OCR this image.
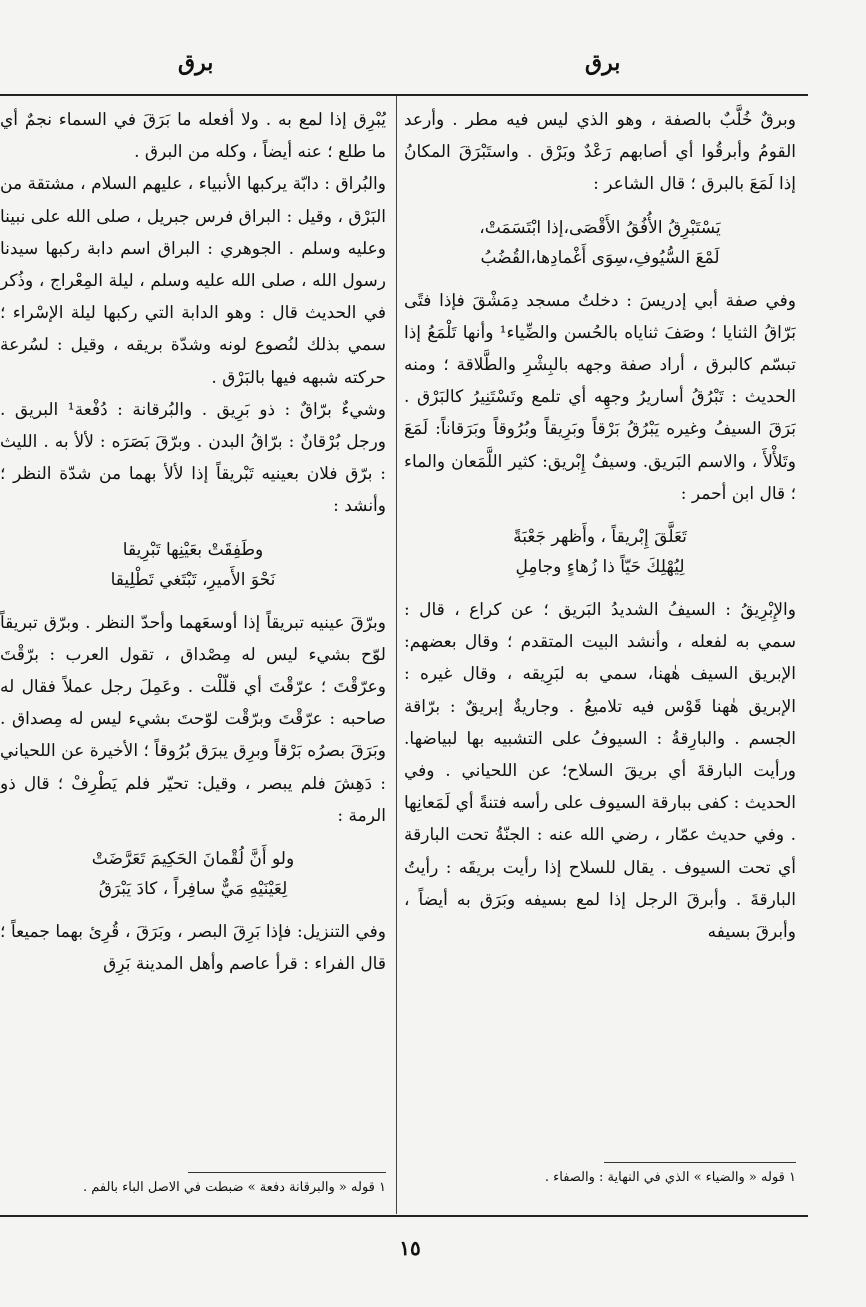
برق
برق

وبرقٌ خُلَّبٌ بالصفة ، وهو الذي ليس فيه مطر . وأرعد القومُ وأبرقُوا أي أصابهم رَعْدٌ وبَرْق . واستَبْرَقَ المكانُ إذا لَمَعَ بالبرق ؛ قال الشاعر :

يَسْتَبْرِقُ الأُفُقُ الأَقْصَى،إذا ابْتَسَمَتْ،
لَمْعَ السُّيُوفِ،سِوَى أَغْمادِها،القُضُبُ

وفي صفة أبي إدريسَ : دخلتُ مسجد دِمَشْقَ فإذا فتًى بَرّاقُ الثنايا ؛ وصَفَ ثناياه بالحُسن والضِّياء¹ وأنها تَلْمَعُ إذا تبسّم كالبرق ، أراد صفة وجهه بالبِشْرِ والطَّلاقة ؛ ومنه الحديث : تَبْرُقُ أساريرُ وجهِه أي تلمع وتَسْتَنِيرُ كالبَرْق . بَرَقَ السيفُ وغيره يَبْرُقُ بَرْقاً وبَرِيقاً وبُرُوقاً وبَرَقاناً: لَمَعَ وتَلأْلأَ ، والاسم البَريق. وسيفٌ إِبْريق: كثير اللَّمَعان والماء ؛ قال ابن أحمر :

تَعَلَّقَ إِبْريقاً ، وأَظهر جَعْبَةً
لِيُهْلِكَ حَيّاً ذا زُهاءٍ وجامِلِ

والإِبْرِيقُ : السيفُ الشديدُ البَريق ؛ عن كراع ، قال : سمي به لفعله ، وأنشد البيت المتقدم ؛ وقال بعضهم: الإبريق السيف هٰهنا، سمي به لبَرِيقه ، وقال غيره : الإبريق هٰهنا قَوْس فيه تلاميعُ . وجاريةٌ إبريقٌ : برّاقة الجسم . والبارِقةُ : السيوفُ على التشبيه بها لبياضها. ورأيت البارقةَ أي بريقَ السلاح؛ عن اللحياني . وفي الحديث : كفى ببارقة السيوف على رأسه فتنةً أي لَمَعانِها . وفي حديث عمّار ، رضي الله عنه : الجنّةُ تحت البارقة أي تحت السيوف . يقال للسلاح إذا رأيت بريقَه : رأيتُ البارقةَ . وأبرقَ الرجل إذا لمع بسيفه وبَرَق به أيضاً ، وأبرقَ بسيفه

يُبْرِق إذا لمع به . ولا أفعله ما بَرَقَ في السماء نجمٌ أي ما طلع ؛ عنه أيضاً ، وكله من البرق .

والبُراق : دابّة يركبها الأنبياء ، عليهم السلام ، مشتقة من البَرْق ، وقيل : البراق فرس جبريل ، صلى الله على نبينا وعليه وسلم . الجوهري : البراق اسم دابة ركبها سيدنا رسول الله ، صلى الله عليه وسلم ، ليلة المِعْراج ، وذُكر في الحديث قال : وهو الدابة التي ركبها ليلة الإسْراء ؛ سمي بذلك لنُصوع لونه وشدّة بريقه ، وقيل : لسُرعة حركته شبهه فيها بالبَرْق .

وشيءٌ برّاقٌ : ذو بَرِيق . والبُرقانة : دُفْعة¹ البريق . ورجل بُرْقانٌ : برّاقُ البدن . وبرّقَ بَصَرَه : لألأ به . الليث : برّق فلان بعينيه تَبْريقاً إذا لألأ بهما من شدّة النظر ؛ وأنشد :

وطَفِقَتْ بعَيْنِها تَبْرِيقا
نَحْوَ الأَميرِ، تَبْتَغي تَطْلِيقا

وبرّقَ عينيه تبريقاً إذا أوسعَهما وأحدّ النظر . وبرّق تبريقاً لوّح بشيء ليس له مِصْداق ، تقول العرب : برّقْتَ وعرّقْتَ ؛ عرّقْتَ أي قلّلْت . وعَمِلَ رجل عملاً فقال له صاحبه : عرّقْتَ وبرّقْت لوّحتَ بشيء ليس له مِصداق . وبَرَقَ بصرُه بَرْقاً وبرِق يبرَق بُرُوقاً ؛ الأخيرة عن اللحياني : دَهِشَ فلم يبصر ، وقيل: تحيّر فلم يَطْرِفْ ؛ قال ذو الرمة :

ولو أَنَّ لُقْمانَ الحَكِيمَ تَعَرَّضَتْ
لِعَيْنَيْهِ مَيٌّ سافِراً ، كادَ يَبْرَقُ

وفي التنزيل: فإذا بَرِقَ البصر ، وبَرَقَ ، قُرِئ بهما جميعاً ؛ قال الفراء : قرأ عاصم وأهل المدينة بَرِق

١ قوله « والضياء » الذي في النهاية : والصفاء .
١ قوله « والبرقانة دفعة » ضبطت في الاصل الباء بالفم .
١٥
